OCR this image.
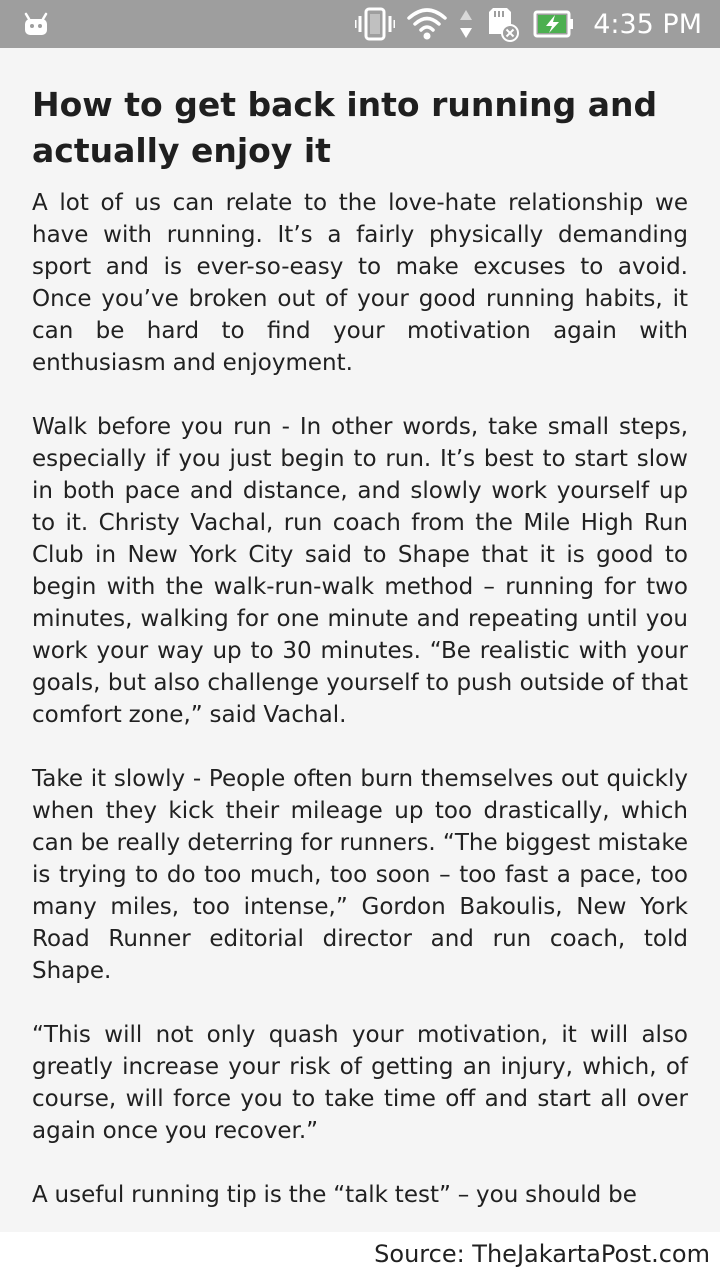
4:35 PM
How to get back into running and actually enjoy it

A lot of us can relate to the love-hate relationship we have with running. It’s a fairly physically demanding sport and is ever-so-easy to make excuses to avoid. Once you’ve broken out of your good running habits, it can be hard to find your motivation again with enthusiasm and enjoyment.

Walk before you run - In other words, take small steps, especially if you just begin to run. It’s best to start slow in both pace and distance, and slowly work yourself up to it. Christy Vachal, run coach from the Mile High Run Club in New York City said to Shape that it is good to begin with the walk-run-walk method – running for two minutes, walking for one minute and repeating until you work your way up to 30 minutes. “Be realistic with your goals, but also challenge yourself to push outside of that comfort zone,” said Vachal.

Take it slowly - People often burn themselves out quickly when they kick their mileage up too drastically, which can be really deterring for runners. “The biggest mistake is trying to do too much, too soon – too fast a pace, too many miles, too intense,” Gordon Bakoulis, New York Road Runner editorial director and run coach, told Shape.

“This will not only quash your motivation, it will also greatly increase your risk of getting an injury, which, of course, will force you to take time off and start all over again once you recover.”

A useful running tip is the “talk test” – you should be

Source: TheJakartaPost.com
